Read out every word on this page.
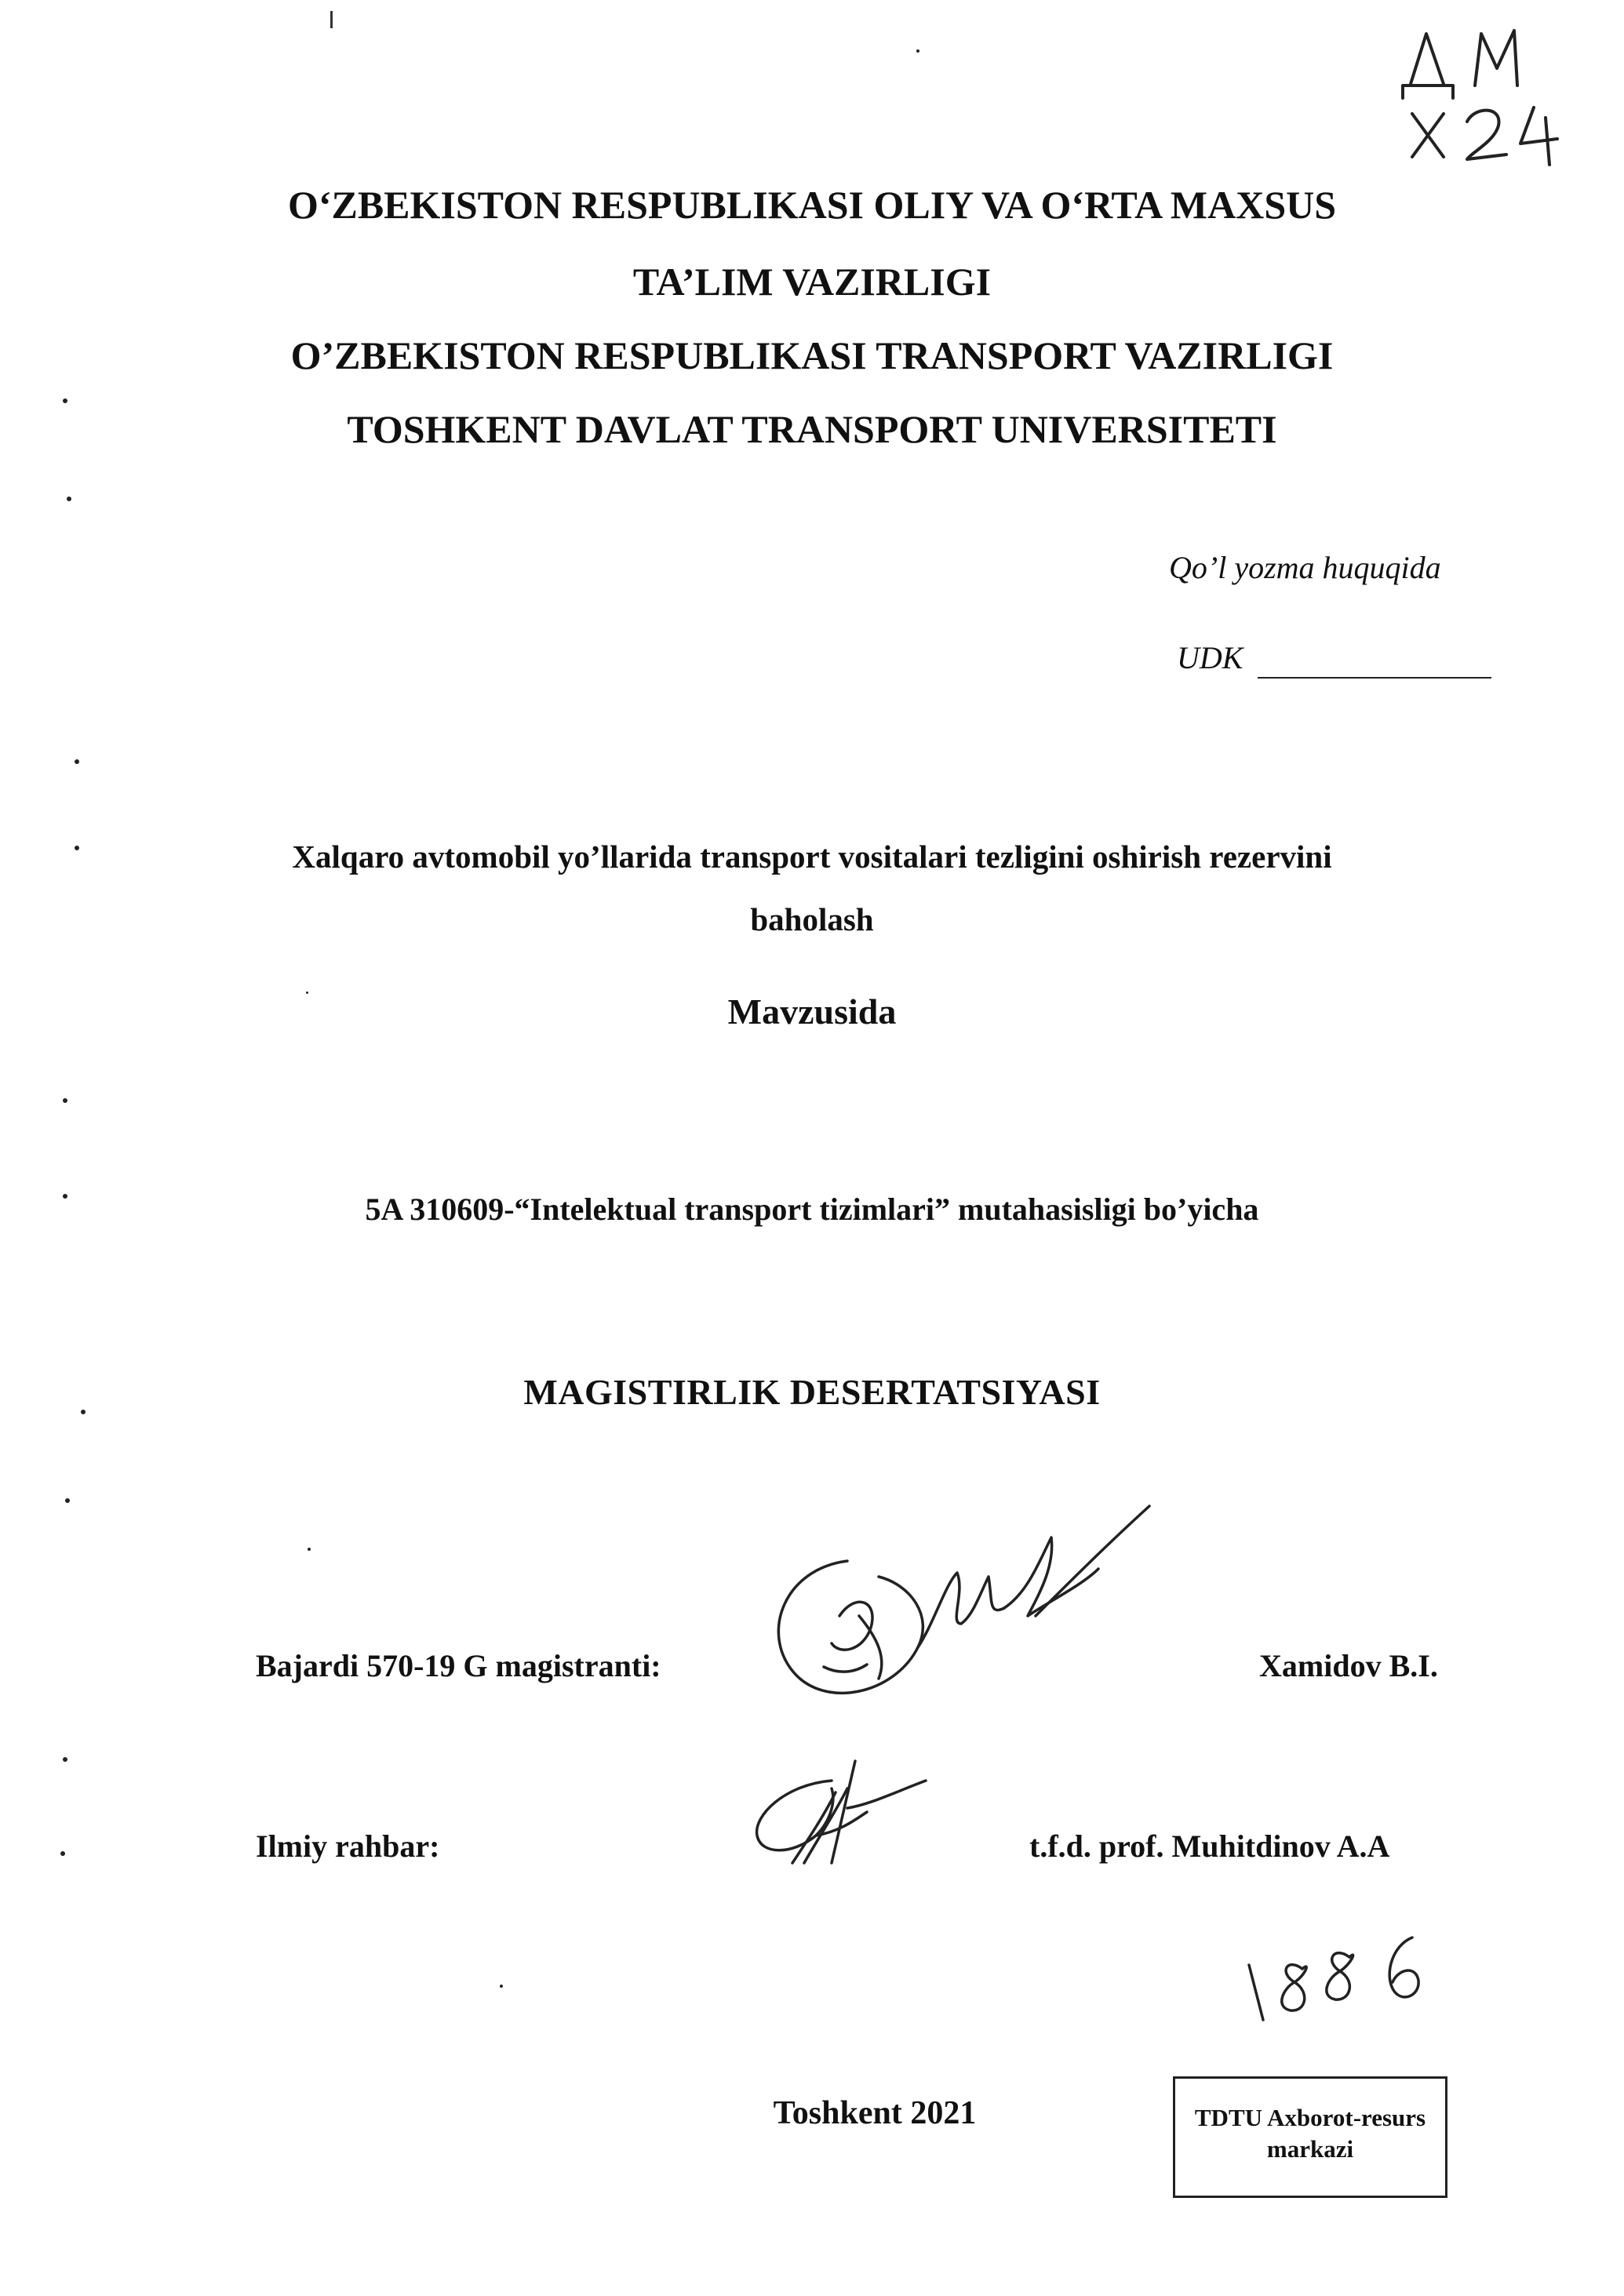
O‘ZBEKISTON RESPUBLIKASI OLIY VA O‘RTA MAXSUS
TA’LIM VAZIRLIGI
O’ZBEKISTON RESPUBLIKASI TRANSPORT VAZIRLIGI
TOSHKENT DAVLAT TRANSPORT UNIVERSITETI
Qo’l yozma huquqida
UDK
Xalqaro avtomobil yo’llarida transport vositalari tezligini oshirish rezervini
baholash
Mavzusida
5A 310609-“Intelektual transport tizimlari” mutahasisligi bo’yicha
MAGISTIRLIK DESERTATSIYASI
Bajardi 570-19 G magistranti:	Xamidov B.I.
Ilmiy rahbar:	t.f.d. prof. Muhitdinov A.A
Toshkent 2021	TDTU Axborot-resurs
markazi
